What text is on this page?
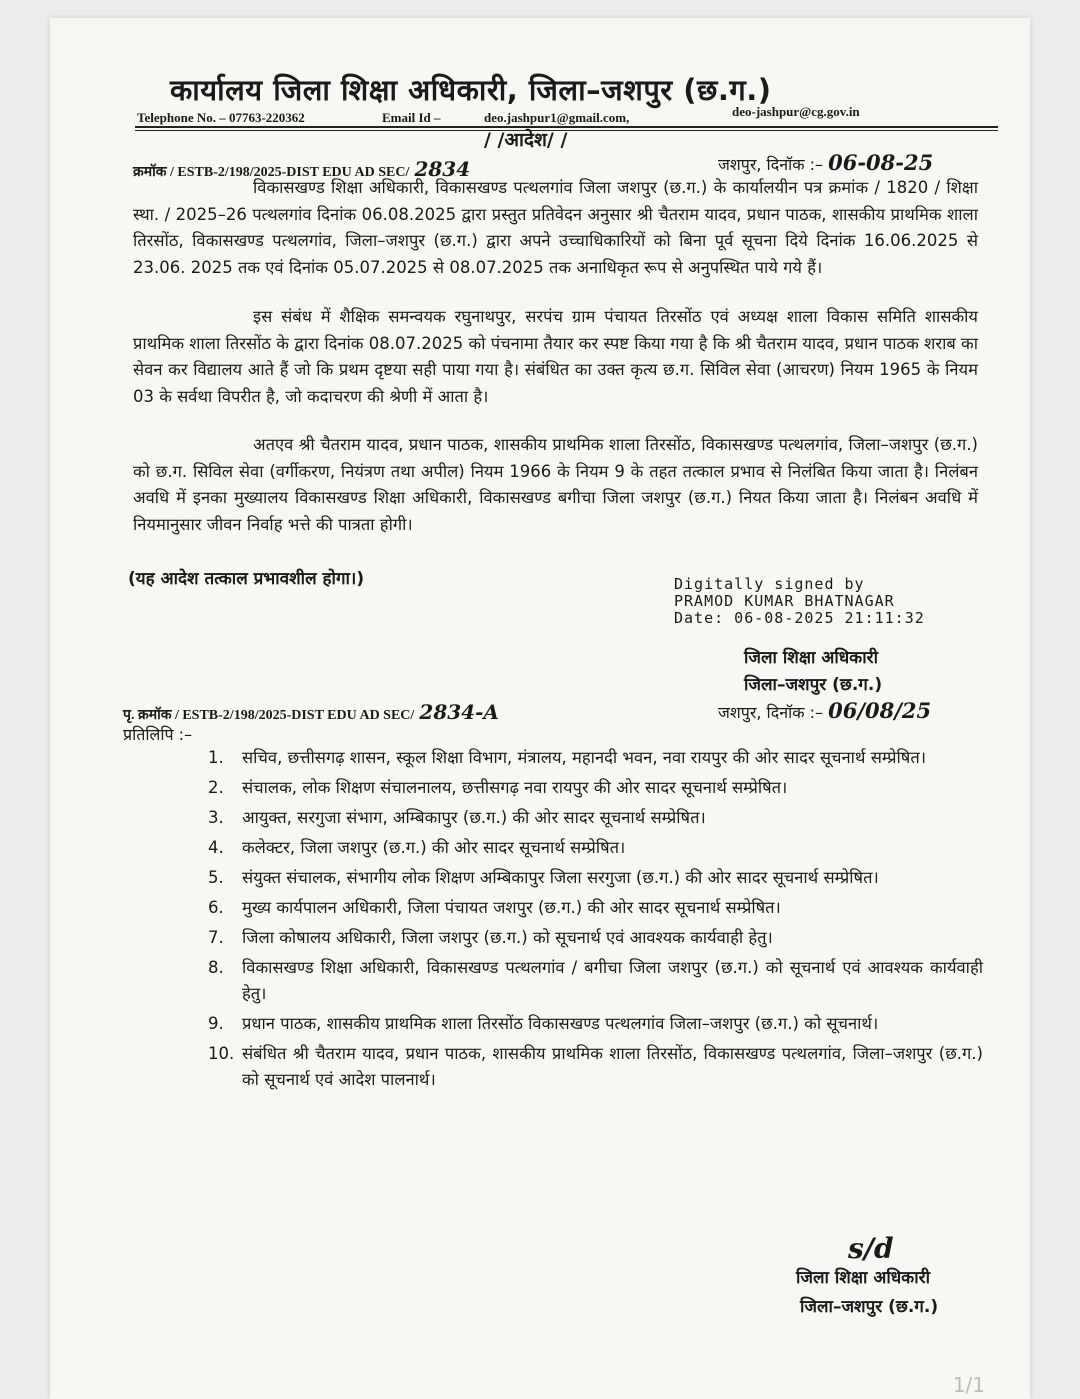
कार्यालय जिला शिक्षा अधिकारी, जिला–जशपुर (छ.ग.)
Telephone No. – 07763-220362	Email Id –	deo.jashpur1@gmail.com,	deo-jashpur@cg.gov.in
/ /आदेश/ /
क्रमॉक / ESTB-2/198/2025-DIST EDU AD SEC/ 2834	जशपुर, दिनॉक :– 06-08-25
विकासखण्ड शिक्षा अधिकारी, विकासखण्ड पत्थलगांव जिला जशपुर (छ.ग.) के कार्यालयीन पत्र क्रमांक / 1820 / शिक्षा स्था. / 2025–26 पत्थलगांव दिनांक 06.08.2025 द्वारा प्रस्तुत प्रतिवेदन अनुसार श्री चैतराम यादव, प्रधान पाठक, शासकीय प्राथमिक शाला तिरसोंठ, विकासखण्ड पत्थलगांव, जिला–जशपुर (छ.ग.) द्वारा अपने उच्चाधिकारियों को बिना पूर्व सूचना दिये दिनांक 16.06.2025 से 23.06. 2025 तक एवं दिनांक 05.07.2025 से 08.07.2025 तक अनाधिकृत रूप से अनुपस्थित पाये गये हैं।
इस संबंध में शैक्षिक समन्वयक रघुनाथपुर, सरपंच ग्राम पंचायत तिरसोंठ एवं अध्यक्ष शाला विकास समिति शासकीय प्राथमिक शाला तिरसोंठ के द्वारा दिनांक 08.07.2025 को पंचनामा तैयार कर स्पष्ट किया गया है कि श्री चैतराम यादव, प्रधान पाठक शराब का सेवन कर विद्यालय आते हैं जो कि प्रथम दृष्टया सही पाया गया है। संबंधित का उक्त कृत्य छ.ग. सिविल सेवा (आचरण) नियम 1965 के नियम 03 के सर्वथा विपरीत है, जो कदाचरण की श्रेणी में आता है।
अतएव श्री चैतराम यादव, प्रधान पाठक, शासकीय प्राथमिक शाला तिरसोंठ, विकासखण्ड पत्थलगांव, जिला–जशपुर (छ.ग.) को छ.ग. सिविल सेवा (वर्गीकरण, नियंत्रण तथा अपील) नियम 1966 के नियम 9 के तहत तत्काल प्रभाव से निलंबित किया जाता है। निलंबन अवधि में इनका मुख्यालय विकासखण्ड शिक्षा अधिकारी, विकासखण्ड बगीचा जिला जशपुर (छ.ग.) नियत किया जाता है। निलंबन अवधि में नियमानुसार जीवन निर्वाह भत्ते की पात्रता होगी।
(यह आदेश तत्काल प्रभावशील होगा।)	Digitally signed by
PRAMOD KUMAR BHATNAGAR
Date: 06-08-2025 21:11:32
जिला शिक्षा अधिकारी
जिला–जशपुर (छ.ग.)
पृ. क्रमॉक / ESTB-2/198/2025-DIST EDU AD SEC/ 2834-A	जशपुर, दिनॉक :– 06/08/25
प्रतिलिपि :–
1. सचिव, छत्तीसगढ़ शासन, स्कूल शिक्षा विभाग, मंत्रालय, महानदी भवन, नवा रायपुर की ओर सादर सूचनार्थ सम्प्रेषित।
2. संचालक, लोक शिक्षण संचालनालय, छत्तीसगढ़ नवा रायपुर की ओर सादर सूचनार्थ सम्प्रेषित।
3. आयुक्त, सरगुजा संभाग, अम्बिकापुर (छ.ग.) की ओर सादर सूचनार्थ सम्प्रेषित।
4. कलेक्टर, जिला जशपुर (छ.ग.) की ओर सादर सूचनार्थ सम्प्रेषित।
5. संयुक्त संचालक, संभागीय लोक शिक्षण अम्बिकापुर जिला सरगुजा (छ.ग.) की ओर सादर सूचनार्थ सम्प्रेषित।
6. मुख्य कार्यपालन अधिकारी, जिला पंचायत जशपुर (छ.ग.) की ओर सादर सूचनार्थ सम्प्रेषित।
7. जिला कोषालय अधिकारी, जिला जशपुर (छ.ग.) को सूचनार्थ एवं आवश्यक कार्यवाही हेतु।
8. विकासखण्ड शिक्षा अधिकारी, विकासखण्ड पत्थलगांव / बगीचा जिला जशपुर (छ.ग.) को सूचनार्थ एवं आवश्यक कार्यवाही हेतु।
9. प्रधान पाठक, शासकीय प्राथमिक शाला तिरसोंठ विकासखण्ड पत्थलगांव जिला–जशपुर (छ.ग.) को सूचनार्थ।
10. संबंधित श्री चैतराम यादव, प्रधान पाठक, शासकीय प्राथमिक शाला तिरसोंठ, विकासखण्ड पत्थलगांव, जिला–जशपुर (छ.ग.) को सूचनार्थ एवं आदेश पालनार्थ।
s/d
जिला शिक्षा अधिकारी
जिला–जशपुर (छ.ग.)
1/1
